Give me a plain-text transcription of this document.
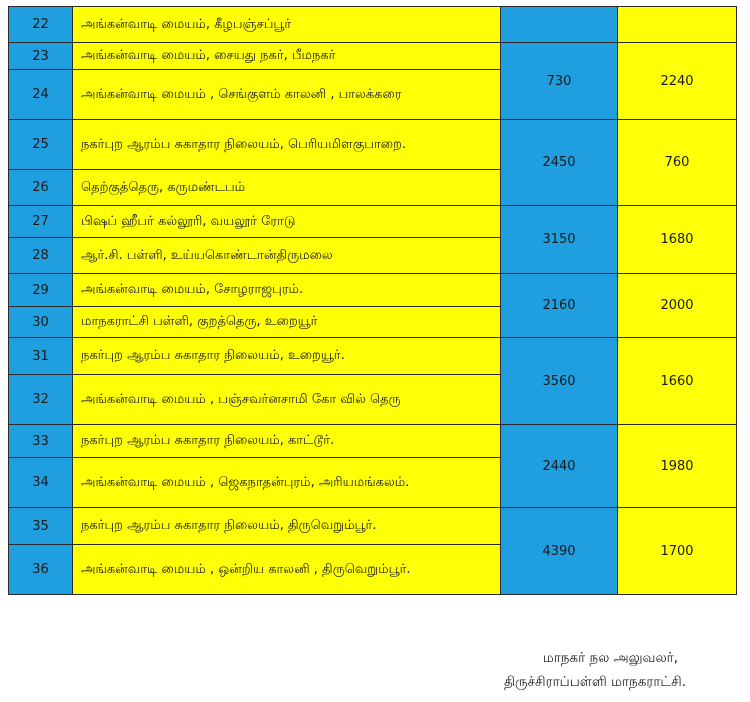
22	அங்கன்வாடி மையம், கீழபஞ்சப்பூர்		
23	அங்கன்வாடி மையம், சையது நகர், பீமநகர்	730	2240
24	அங்கன்வாடி மையம் , செங்குளம் காலனி , பாலக்கரை		
25	நகர்புற ஆரம்ப சுகாதார நிலையம், பெரியமிளகுபாறை.	2450	760
26	தெற்குத்தெரு, கருமண்டபம்		
27	பிஷப் ஹீபர் கல்லூரி, வயலூர் ரோடு	3150	1680
28	ஆர்.சி. பள்ளி, உய்யகொண்டான்திருமலை		
29	அங்கன்வாடி மையம், சோழராஜபுரம்.	2160	2000
30	மாநகராட்சி பள்ளி, குறத்தெரு, உறையூர்		
31	நகர்புற ஆரம்ப சுகாதார நிலையம், உறையூர்.	3560	1660
32	அங்கன்வாடி மையம் , பஞ்சவர்னசாமி கோ வில் தெரு		
33	நகர்புற ஆரம்ப சுகாதார நிலையம், காட்டூர்.	2440	1980
34	அங்கன்வாடி மையம் , ஜெகநாதன்புரம், அரியமங்கலம்.		
35	நகர்புற ஆரம்ப சுகாதார நிலையம், திருவெறும்பூர்.	4390	1700
36	அங்கன்வாடி மையம் , ஒன்றிய காலனி , திருவெறும்பூர்.		
மாநகர் நல அலுவலர்,
திருச்சிராப்பள்ளி மாநகராட்சி.
